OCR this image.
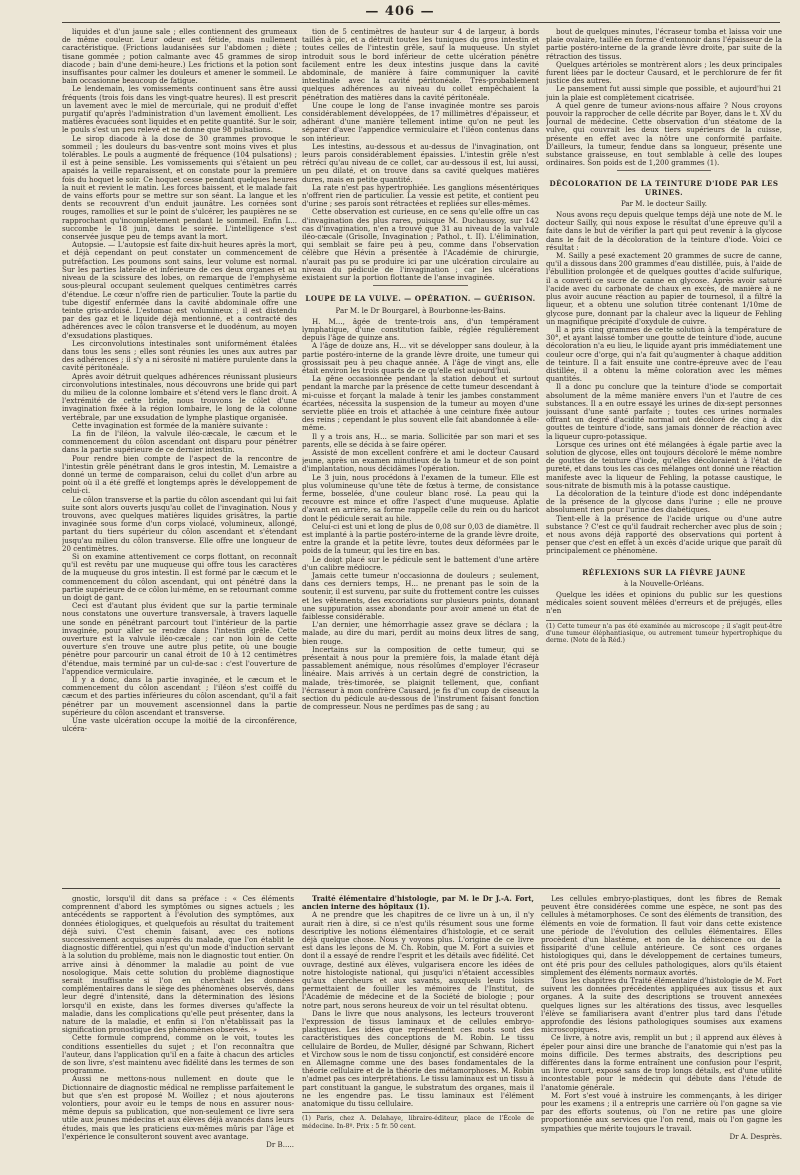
— 406 —

liquides et d'un jaune sale ; elles contiennent des grumeaux de même couleur. Leur odeur est fétide, mais nullement caractéristique. (Frictions laudanisées sur l'abdomen ; diète ; tisane gommée ; potion calmante avec 45 grammes de sirop diacode ; bain d'une demi-heure.) Les frictions et la potion sont insuffisantes pour calmer les douleurs et amener le sommeil. Le bain occasionne beaucoup de fatigue.

Le lendemain, les vomissements continuent sans être aussi fréquents (trois fois dans les vingt-quatre heures). Il est prescrit un lavement avec le miel de mercuriale, qui ne produit d'effet purgatif qu'après l'administration d'un lavement émollient. Les matières évacuées sont liquides et en petite quantité. Sur le soir, le pouls s'est un peu relevé et ne donne que 98 pulsations.

Le sirop diacode à la dose de 30 grammes provoque le sommeil ; les douleurs du bas-ventre sont moins vives et plus tolérables. Le pouls a augmenté de fréquence (104 pulsations) ; il est à peine sensible. Les vomissements qui s'étaient un peu apaisés la veille reparaissent, et on constate pour la première fois du hoquet le soir. Ce hoquet cesse pendant quelques heures la nuit et revient le matin. Les forces baissent, et le malade fait de vains efforts pour se mettre sur son séant. La langue et les dents se recouvrent d'un enduit jaunâtre. Les cornées sont rouges, ramollies et sur le point de s'ulcérer, les paupières ne se rapprochant qu'incomplètement pendant le sommeil. Enfin L... succombe le 18 juin, dans le soirée. L'intelligence s'est conservée jusque peu de temps avant la mort.

Autopsie. — L'autopsie est faite dix-huit heures après la mort, et déjà cependant on peut constater un commencement de putréfaction. Les poumons sont sains, leur volume est normal. Sur les parties latérale et inférieure de ces deux organes et au niveau de la scissure des lobes, on remarque de l'emphysème sous-pleural occupant seulement quelques centimètres carrés d'étendue. Le cœur n'offre rien de particulier. Toute la partie du tube digestif enfermée dans la cavité abdominale offre une teinte gris-ardoisé. L'estomac est volumineux ; il est distendu par des gaz et le liquide déjà mentionné, et a contracté des adhérences avec le côlon transverse et le duodénum, au moyen d'exsudations plastiques.

Les circonvolutions intestinales sont uniformément étalées dans tous les sens ; elles sont réunies les unes aux autres par des adhérences ; il s'y a ni sérosité ni matière purulente dans la cavité péritonéale.

Après avoir détruit quelques adhérences réunissant plusieurs circonvolutions intestinales, nous découvrons une bride qui part du milieu de la colonne lombaire et s'étend vers le flanc droit. A l'extrémité de cette bride, nous trouvons le côlet d'une invagination fixée à la région lombaire, le long de la colonne vertébrale, par une exsudation de lymphe plastique organisée.

Cette invagination est formée de la manière suivante :

La fin de l'iléon, la valvule iléo-cæcale, le cæcum et le commencement du côlon ascendant ont disparu pour pénétrer dans la partie supérieure de ce dernier intestin.

Pour rendre bien compte de l'aspect de la rencontre de l'intestin grêle pénétrant dans le gros intestin, M. Lemaistre a donné un terme de comparaison, celui du collet d'un arbre au point où il a été greffé et longtemps après le développement de celui-ci.

Le côlon transverse et la partie du côlon ascendant qui lui fait suite sont alors ouverts jusqu'au collet de l'invagination. Nous y trouvons, avec quelques matières liquides grisâtres, la partie invaginée sous forme d'un corps violacé, volumineux, allongé, partant du tiers supérieur du côlon ascendant et s'étendant jusqu'au milieu du côlon transverse. Elle offre une longueur de 20 centimètres.

Si on examine attentivement ce corps flottant, on reconnaît qu'il est revêtu par une muqueuse qui offre tous les caractères de la muqueuse du gros intestin. Il est formé par le cæcum et le commencement du côlon ascendant, qui ont pénétré dans la partie supérieure de ce côlon lui-même, en se retournant comme un doigt de gant.

Ceci est d'autant plus évident que sur la partie terminale nous constatons une ouverture transversale, à travers laquelle une sonde en pénétrant parcourt tout l'intérieur de la partie invaginée, pour aller se rendre dans l'intestin grêle. Cette ouverture est la valvule iléo-cæcale ; car non loin de cette ouverture s'en trouve une autre plus petite, où une bougie pénètre pour parcourir un canal étroit de 10 à 12 centimètres d'étendue, mais terminé par un cul-de-sac : c'est l'ouverture de l'appendice vermiculaire.

Il y a donc, dans la partie invaginée, et le cæcum et le commencement du côlon ascendant ; l'iléon s'est coiffé du cæcum et des parties inférieures du côlon ascendant, qu'il a fait pénétrer par un mouvement ascensionnel dans la partie supérieure du côlon ascendant et transverse.

Une vaste ulcération occupe la moitié de la circonférence, ulcéra-

tion de 5 centimètres de hauteur sur 4 de largeur, à bords taillés à pic, et a détruit toutes les tuniques du gros intestin et toutes celles de l'intestin grêle, sauf la muqueuse. Un stylet introduit sous le bord inférieur de cette ulcération pénètre facilement entre les deux intestins jusque dans la cavité abdominale, de manière à faire communiquer la cavité intestinale avec la cavité péritonéale. Très-probablement quelques adhérences au niveau du collet empêchaient la pénétration des matières dans la cavité péritonéale.

Une coupe le long de l'anse invaginée montre ses parois considérablement développées, de 17 millimètres d'épaisseur, et adhérant d'une manière tellement intime qu'on ne peut les séparer d'avec l'appendice vermiculaire et l'iléon contenus dans son intérieur.

Les intestins, au-dessous et au-dessus de l'invagination, ont leurs parois considérablement épaissies. L'intestin grêle n'est rétréci qu'au niveau de ce collet, car au-dessous il est, lui aussi, un peu dilaté, et on trouve dans sa cavité quelques matières dures, mais en petite quantité.

La rate n'est pas hypertrophiée. Les ganglions mésentériques n'offrent rien de particulier. La vessie est petite, et contient peu d'urine ; ses parois sont rétractées et repliées sur elles-mêmes.

Cette observation est curieuse, en ce sens qu'elle offre un cas d'invagination des plus rares, puisque M. Duchaussoy, sur 142 cas d'invagination, n'en a trouvé que 31 au niveau de la valvule iléo-cæcale (Grisolle, Invagination ; Pathol., t. II). L'élimination, qui semblait se faire peu à peu, comme dans l'observation célèbre que Hévin a présentée à l'Académie de chirurgie, n'aurait pas pu se produire ici par une ulcération circulaire au niveau du pédicule de l'invagination ; car les ulcérations existaient sur la portion flottante de l'anse invaginée.

LOUPE DE LA VULVE. — OPÉRATION. — GUÉRISON.

Par M. le Dr Bourgarel, à Bourbonne-les-Bains.

H. M..., âgée de trente-trois ans, d'un tempérament lymphatique, d'une constitution faible, réglée régulièrement depuis l'âge de quinze ans.

A l'âge de douze ans, H... vit se développer sans douleur, à la partie postéro-interne de la grande lèvre droite, une tumeur qui grossissait peu à peu chaque année. A l'âge de vingt ans, elle était environ les trois quarts de ce qu'elle est aujourd'hui.

La gêne occasionnée pendant la station debout et surtout pendant la marche par la présence de cette tumeur descendant à mi-cuisse et forçant la malade à tenir les jambes constamment écartées, nécessita la suspension de la tumeur au moyen d'une serviette pliée en trois et attachée à une ceinture fixée autour des reins ; cependant le plus souvent elle fait abandonnée à elle-même.

Il y a trois ans, H... se maria. Sollicitée par son mari et ses parents, elle se décida à se faire opérer.

Assisté de mon excellent confrère et ami le docteur Causard jeune, après un examen minutieux de la tumeur et de son point d'implantation, nous décidâmes l'opération.

Le 3 juin, nous procédons à l'examen de la tumeur. Elle est plus volumineuse qu'une tête de fœtus à terme, de consistance ferme, bosselée, d'une couleur blanc rosé. La peau qui la recouvre est mince et offre l'aspect d'une muqueuse. Aplatie d'avant en arrière, sa forme rappelle celle du rein ou du haricot dont le pédicule serait au hile.

Celui-ci est uni et long de plus de 0,08 sur 0,03 de diamètre. Il est implanté à la partie postéro-interne de la grande lèvre droite, entre la grande et la petite lèvre, toutes deux déformées par le poids de la tumeur, qui les tire en bas.

Le doigt placé sur le pédicule sent le battement d'une artère d'un calibre médiocre.

Jamais cette tumeur n'occasionna de douleurs ; seulement, dans ces derniers temps, H... ne prenant pas le soin de la soutenir, il est survenu, par suite du frottement contre les cuisses et les vêtements, des excoriations sur plusieurs points, donnant une suppuration assez abondante pour avoir amené un état de faiblesse considérable.

L'an dernier, une hémorrhagie assez grave se déclara ; la malade, au dire du mari, perdit au moins deux litres de sang, bien rouge.

Incertains sur la composition de cette tumeur, qui se présentait à nous pour la première fois, la malade étant déjà passablement anémique, nous résolûmes d'employer l'écraseur linéaire. Mais arrivés à un certain degré de constriction, la malade, très-timorée, se plaignit tellement, que, confiant l'écraseur à mon confrère Causard, je fis d'un coup de ciseaux la section du pédicule au-dessous de l'instrument faisant fonction de compresseur. Nous ne perdîmes pas de sang ; au

bout de quelques minutes, l'écraseur tomba et laissa voir une plaie ovalaire, taillée en forme d'entonnoir dans l'épaisseur de la partie postéro-interne de la grande lèvre droite, par suite de la rétraction des tissus.

Quelques artérioles se montrèrent alors ; les deux principales furent liées par le docteur Causard, et le perchlorure de fer fit justice des autres.

Le pansement fut aussi simple que possible, et aujourd'hui 21 juin la plaie est complètement cicatrisée.

A quel genre de tumeur avions-nous affaire ? Nous croyons pouvoir la rapprocher de celle décrite par Boyer, dans le t. XV du Journal de médecine. Cette observation d'un stéatome de la vulve, qui couvrait les deux tiers supérieurs de la cuisse, présente en effet avec la nôtre une conformité parfaite. D'ailleurs, la tumeur, fendue dans sa longueur, présente une substance graisseuse, en tout semblable à celle des loupes ordinaires. Son poids est de 1,200 grammes (1).

DÉCOLORATION DE LA TEINTURE D'IODE PAR LES URINES.

Par M. le docteur Sailly.

Nous avons reçu depuis quelque temps déjà une note de M. le docteur Sailly, qui nous expose le résultat d'une épreuve qu'il a faite dans le but de vérifier la part qui peut revenir à la glycose dans le fait de la décoloration de la teinture d'iode. Voici ce résultat :

M. Sailly a pesé exactement 20 grammes de sucre de canne, qu'il a dissous dans 200 grammes d'eau distillée, puis, à l'aide de l'ébullition prolongée et de quelques gouttes d'acide sulfurique, il a converti ce sucre de canne en glycose. Après avoir saturé l'acide avec du carbonate de chaux en excès, de manière à ne plus avoir aucune réaction au papier de tournesol, il a filtré la liqueur, et a obtenu une solution titrée contenant 1/10me de glycose pure, donnant par la chaleur avec la liqueur de Fehling un magnifique précipité d'oxydule de cuivre.

Il a pris cinq grammes de cette solution à la température de 30°, et ayant laissé tomber une goutte de teinture d'iode, aucune décoloration n'a eu lieu, le liquide ayant pris immédiatement une couleur ocre d'orge, qui n'a fait qu'augmenter à chaque addition de teinture. Il a fait ensuite une contre-épreuve avec de l'eau distillée, il a obtenu la même coloration avec les mêmes quantités.

Il a donc pu conclure que la teinture d'iode se comportait absolument de la même manière envers l'un et l'autre de ces substances. Il a en outre essayé les urines de dix-sept personnes jouissant d'une santé parfaite ; toutes ces urines normales offrant un degré d'acidité normal ont décoloré de cinq à dix gouttes de teinture d'iode, sans jamais donner de réaction avec la liqueur cupro-potassique.

Lorsque ces urines ont été mélangées à égale partie avec la solution de glycose, elles ont toujours décoloré le même nombre de gouttes de teinture d'iode, qu'elles décoloraient à l'état de pureté, et dans tous les cas ces mélanges ont donné une réaction manifeste avec la liqueur de Fehling, la potasse caustique, le sous-nitrate de bismuth mis à la potasse caustique.

La décoloration de la teinture d'iode est donc indépendante de la présence de la glycose dans l'urine ; elle ne prouve absolument rien pour l'urine des diabétiques.

Tient-elle à la présence de l'acide urique ou d'une autre substance ? C'est ce qu'il faudrait rechercher avec plus de soin ; et nous avons déjà rapporté des observations qui portent à penser que c'est en effet à un excès d'acide urique que paraît dû principalement ce phénomène.

RÉFLEXIONS SUR LA FIÈVRE JAUNE

à la Nouvelle-Orléans.

Quelque les idées et opinions du public sur les questions médicales soient souvent mêlées d'erreurs et de préjugés, elles n'en

(1) Cette tumeur n'a pas été examinée au microscope ; il s'agit peut-être d'une tumeur éléphantiasique, ou autrement tumeur hypertrophique du derme. (Note de la Réd.)

gnostic, lorsqu'il dit dans sa préface : « Ces éléments comprennent d'abord les symptômes ou signes actuels ; les antécédents se rapportent à l'évolution des symptômes, aux données étiologiques, et quelquefois au résultat du traitement déjà suivi. C'est chemin faisant, avec ces notions successivement acquises auprès du malade, que l'on établit le diagnostic différentiel, qui n'est qu'un mode d'induction servant à la solution du problème, mais non le diagnostic tout entier. On arrive ainsi à dénommer la maladie au point de vue nosologique. Mais cette solution du problème diagnostique serait insuffisante si l'on en cherchait les données complémentaires dans le siège des phénomènes observés, dans leur degré d'intensité, dans la détermination des lésions lorsqu'il en existe, dans les formes diverses qu'affecte la maladie, dans les complications qu'elle peut présenter, dans la nature de la maladie, et enfin si l'on n'établissait pas la signification pronostique des phénomènes observés. »

Cette formule comprend, comme on le voit, toutes les conditions essentielles du sujet ; et l'on reconnaîtra que l'auteur, dans l'application qu'il en a faite à chacun des articles de son livre, s'est maintenu avec fidélité dans les termes de son programme.

Aussi ne mettons-nous nullement en doute que le Dictionnaire de diagnostic médical ne remplisse parfaitement le but que s'en est proposé M. Woillez ; et nous ajouterons volontiers, pour avoir eu le temps de nous en assurer nous-même depuis sa publication, que non-seulement ce livre sera utile aux jeunes médecins et aux élèves déjà avancés dans leurs études, mais que les praticiens eux-mêmes mûris par l'âge et l'expérience le consulteront souvent avec avantage.

Dr B.....

Traité élémentaire d'histologie, par M. le Dr J.-A. Fort, ancien interne des hôpitaux (1).

A ne prendre que les chapitres de ce livre un à un, il n'y aurait rien à dire, si ce n'est qu'ils résument sous une forme descriptive les notions élémentaires d'histologie, et ce serait déjà quelque chose. Nous y voyons plus. L'origine de ce livre est dans les leçons de M. Ch. Robin, que M. Fort a suivies et dont il a essayé de rendre l'esprit et les détails avec fidélité. Cet ouvrage, destiné aux élèves, vulgarisera encore les idées de notre histologiste national, qui jusqu'ici n'étaient accessibles qu'aux chercheurs et aux savants, auxquels leurs loisirs permettaient de fouiller les mémoires de l'Institut, de l'Académie de médecine et de la Société de biologie ; pour notre part, nous serons heureux de voir un tel résultat obtenu.

Dans le livre que nous analysons, les lecteurs trouveront l'expression de tissus laminaux et de cellules embryo-plastiques. Les idées que représentent ces mots sont des caractéristiques des conceptions de M. Robin. Le tissu cellulaire de Bordeu, de Muller, désigné par Schwann, Richert et Virchow sous le nom de tissu conjonctif, est considéré encore en Allemagne comme une des bases fondamentales de la théorie cellulaire et de la théorie des métamorphoses. M. Robin n'admet pas ces interprétations. Le tissu laminaux est un tissu à part constituant la gangue, le substratum des organes, mais il ne les engendre pas. Le tissu laminaux est l'élément anatomique du tissu cellulaire.

(1) Paris, chez A. Delahaye, libraire-éditeur, place de l'École de médecine. In-8º. Prix : 5 fr. 50 cent.

Les cellules embryo-plastiques, dont les fibres de Remak peuvent être considérées comme une espèce, ne sont pas des cellules à métamorphoses. Ce sont des éléments de transition, des éléments en voie de formation. Il faut voir dans cette existence une période de l'évolution des cellules élémentaires. Elles procèdent d'un blastème, et non de la déhiscence ou de la fissiparité d'une cellule antérieure. Ce sont ces organes histologiques qui, dans le développement de certaines tumeurs, ont été pris pour des cellules pathologiques, alors qu'ils étaient simplement des éléments normaux avortés.

Tous les chapitres du Traité élémentaire d'histologie de M. Fort suivent les données précédentes appliquées aux tissus et aux organes. A la suite des descriptions se trouvent annexées quelques lignes sur les altérations des tissus, avec lesquelles l'élève se familiarisera avant d'entrer plus tard dans l'étude approfondie des lésions pathologiques soumises aux examens microscopiques.

Ce livre, à notre avis, remplit un but ; il apprend aux élèves à épeler pour ainsi dire une branche de l'anatomie qui n'est pas la moins difficile. Des termes abstraits, des descriptions peu différentes dans la forme entraînent une confusion pour l'esprit, un livre court, exposé sans de trop longs détails, est d'une utilité incontestable pour le médecin qui débute dans l'étude de l'anatomie générale.

M. Fort s'est voué à instruire les commençants, à les diriger pour les examens ; il a entrepris une carrière où l'on gagne sa vie par des efforts soutenus, où l'on ne retire pas une gloire proportionnée aux services que l'on rend, mais où l'on gagne les sympathies que mérite toujours le travail.

Dr A. Desprès.
